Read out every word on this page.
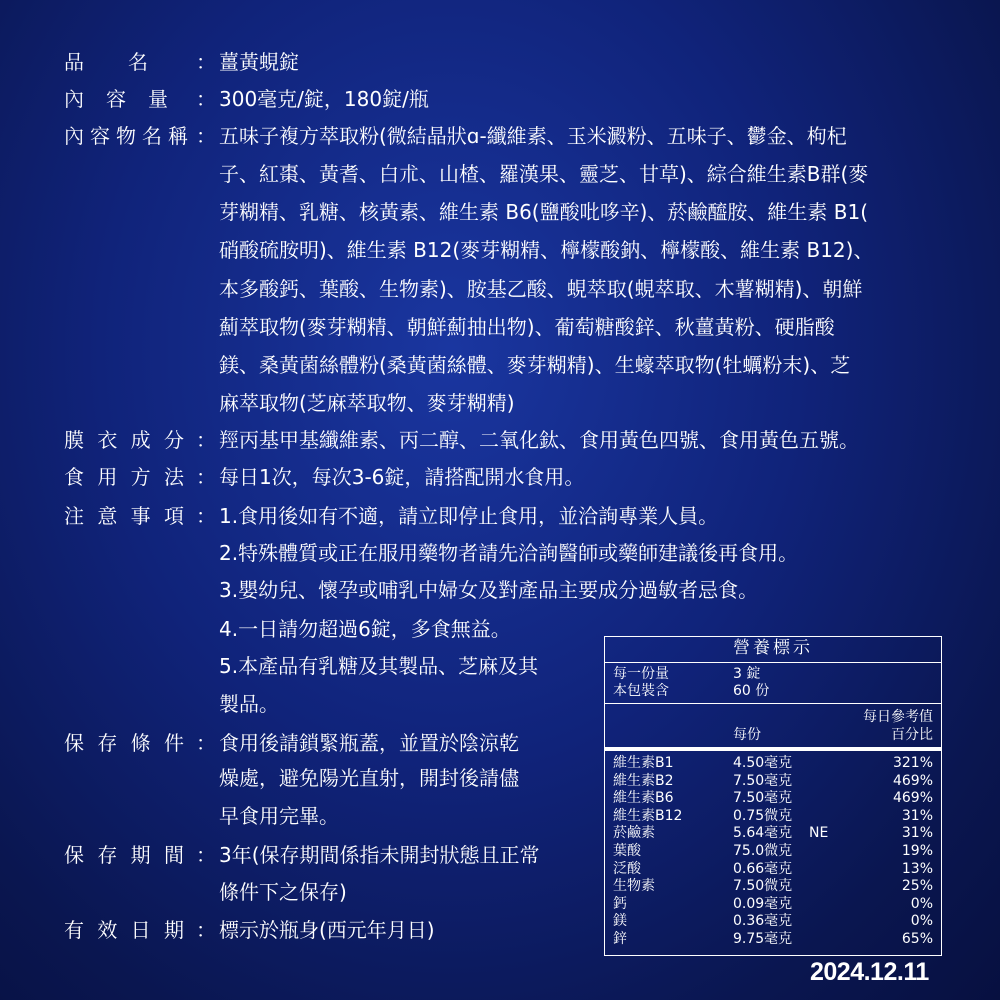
品 名 ： 薑黃蜆錠
內 容 量 ： 300毫克/錠，180錠/瓶
內 容 物 名 稱 ： 五味子複方萃取粉(微結晶狀ɑ-纖維素、玉米澱粉、五味子、鬱金、枸杞
子、紅棗、黃耆、白朮、山楂、羅漢果、靈芝、甘草)、綜合維生素B群(麥
芽糊精、乳糖、核黃素、維生素 B6(鹽酸吡哆辛)、菸鹼醯胺、維生素 B1(
硝酸硫胺明)、維生素 B12(麥芽糊精、檸檬酸鈉、檸檬酸、維生素 B12)、
本多酸鈣、葉酸、生物素)、胺基乙酸、蜆萃取(蜆萃取、木薯糊精)、朝鮮
薊萃取物(麥芽糊精、朝鮮薊抽出物)、葡萄糖酸鋅、秋薑黃粉、硬脂酸
鎂、桑黃菌絲體粉(桑黃菌絲體、麥芽糊精)、生蠔萃取物(牡蠣粉末)、芝
麻萃取物(芝麻萃取物、麥芽糊精)
膜 衣 成 分 ： 羥丙基甲基纖維素、丙二醇、二氧化鈦、食用黃色四號、食用黃色五號。
食 用 方 法 ： 每日1次，每次3-6錠，請搭配開水食用。
注 意 事 項 ： 1.食用後如有不適，請立即停止食用，並洽詢專業人員。
2.特殊體質或正在服用藥物者請先洽詢醫師或藥師建議後再食用。
3.嬰幼兒、懷孕或哺乳中婦女及對產品主要成分過敏者忌食。
4.一日請勿超過6錠，多食無益。
5.本產品有乳糖及其製品、芝麻及其
製品。
保 存 條 件 ： 食用後請鎖緊瓶蓋，並置於陰涼乾
燥處，避免陽光直射，開封後請儘
早食用完畢。
保 存 期 間 ： 3年(保存期間係指未開封狀態且正常
條件下之保存)
有 效 日 期 ： 標示於瓶身(西元年月日)
營養標示
每一份量	3 錠
本包裝含	60 份
每日參考值
每份	百分比
維生素B1	4.50毫克	321%
維生素B2	7.50毫克	469%
維生素B6	7.50毫克	469%
維生素B12	0.75微克	31%
菸鹼素	5.64毫克 NE	31%
葉酸	75.0微克	19%
泛酸	0.66毫克	13%
生物素	7.50微克	25%
鈣	0.09毫克	0%
鎂	0.36毫克	0%
鋅	9.75毫克	65%
2024.12.11
